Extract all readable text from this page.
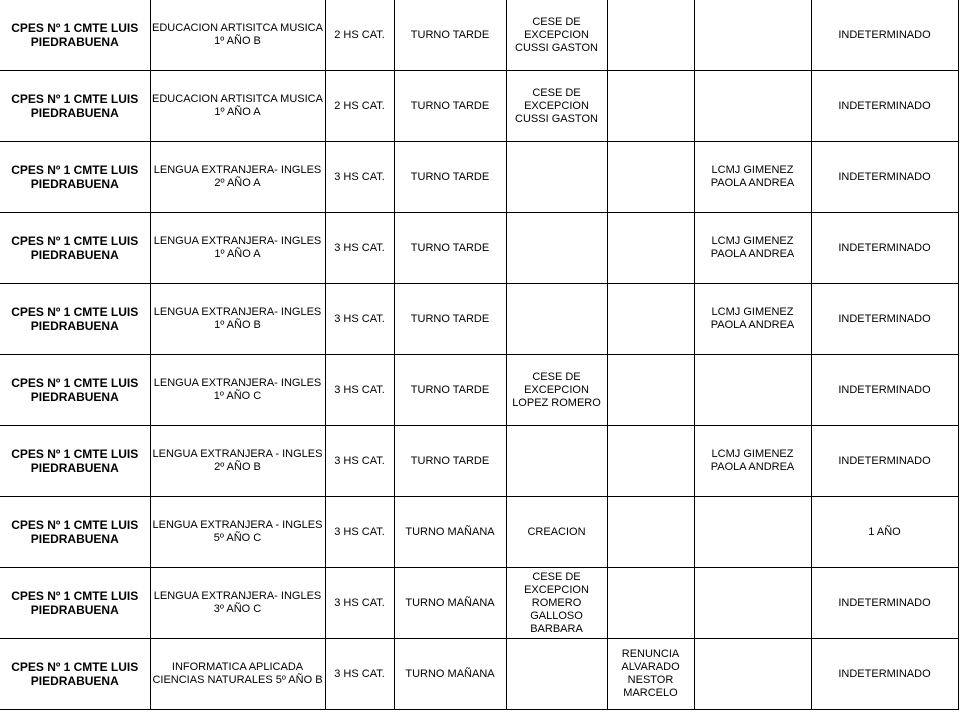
CPES Nº 1 CMTE LUIS PIEDRABUENA	EDUCACION ARTISITCA MUSICA 1º AÑO B	2 HS CAT.	TURNO TARDE	CESE DE EXCEPCION CUSSI GASTON			INDETERMINADO
CPES Nº 1 CMTE LUIS PIEDRABUENA	EDUCACION ARTISITCA MUSICA 1º AÑO A	2 HS CAT.	TURNO TARDE	CESE DE EXCEPCION CUSSI GASTON			INDETERMINADO
CPES Nº 1 CMTE LUIS PIEDRABUENA	LENGUA EXTRANJERA- INGLES 2º AÑO A	3 HS CAT.	TURNO TARDE			LCMJ GIMENEZ PAOLA ANDREA	INDETERMINADO
CPES Nº 1 CMTE LUIS PIEDRABUENA	LENGUA EXTRANJERA- INGLES 1º AÑO A	3 HS CAT.	TURNO TARDE			LCMJ GIMENEZ PAOLA ANDREA	INDETERMINADO
CPES Nº 1 CMTE LUIS PIEDRABUENA	LENGUA EXTRANJERA- INGLES 1º AÑO B	3 HS CAT.	TURNO TARDE			LCMJ GIMENEZ PAOLA ANDREA	INDETERMINADO
CPES Nº 1 CMTE LUIS PIEDRABUENA	LENGUA EXTRANJERA- INGLES 1º AÑO C	3 HS CAT.	TURNO TARDE	CESE DE EXCEPCION LOPEZ ROMERO			INDETERMINADO
CPES Nº 1 CMTE LUIS PIEDRABUENA	LENGUA EXTRANJERA - INGLES 2º AÑO B	3 HS CAT.	TURNO TARDE			LCMJ GIMENEZ PAOLA ANDREA	INDETERMINADO
CPES Nº 1 CMTE LUIS PIEDRABUENA	LENGUA EXTRANJERA - INGLES 5º AÑO C	3 HS CAT.	TURNO MAÑANA	CREACION			1 AÑO
CPES Nº 1 CMTE LUIS PIEDRABUENA	LENGUA EXTRANJERA- INGLES 3º AÑO C	3 HS CAT.	TURNO MAÑANA	CESE DE EXCEPCION ROMERO GALLOSO BARBARA			INDETERMINADO
CPES Nº 1 CMTE LUIS PIEDRABUENA	INFORMATICA APLICADA CIENCIAS NATURALES 5º AÑO B	3 HS CAT.	TURNO MAÑANA		RENUNCIA ALVARADO NESTOR MARCELO		INDETERMINADO
